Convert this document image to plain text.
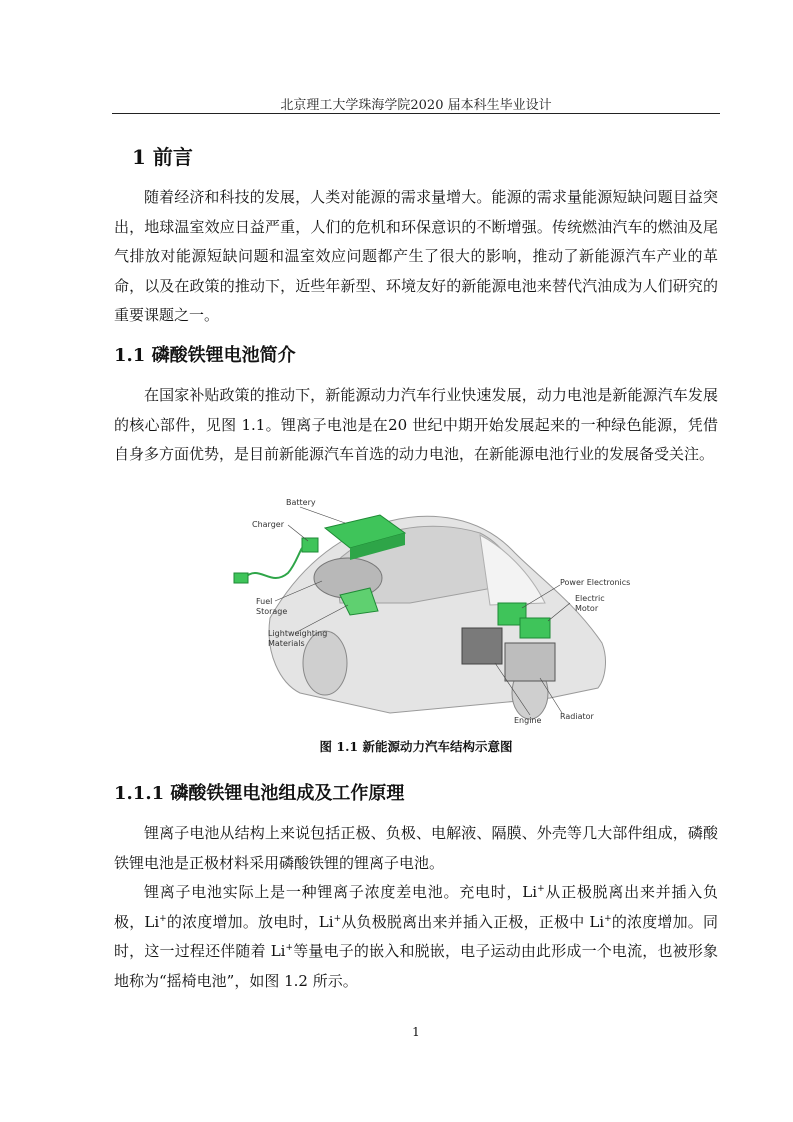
北京理工大学珠海学院2020 届本科生毕业设计
1 前言

随着经济和科技的发展，人类对能源的需求量增大。能源的需求量能源短缺问题目益突出，地球温室效应日益严重，人们的危机和环保意识的不断增强。传统燃油汽车的燃油及尾气排放对能源短缺问题和温室效应问题都产生了很大的影响，推动了新能源汽车产业的革命，以及在政策的推动下，近些年新型、环境友好的新能源电池来替代汽油成为人们研究的重要课题之一。

1.1 磷酸铁锂电池简介

在国家补贴政策的推动下，新能源动力汽车行业快速发展，动力电池是新能源汽车发展的核心部件，见图 1.1。锂离子电池是在20 世纪中期开始发展起来的一种绿色能源，凭借自身多方面优势，是目前新能源汽车首选的动力电池，在新能源电池行业的发展备受关注。

Battery
Charger
Fuel
Storage
Lightweighting
Materials
Power Electronics
Electric
Motor
Engine Radiator
图 1.1 新能源动力汽车结构示意图
1.1.1 磷酸铁锂电池组成及工作原理

锂离子电池从结构上来说包括正极、负极、电解液、隔膜、外壳等几大部件组成，磷酸铁锂电池是正极材料采用磷酸铁锂的锂离子电池。

锂离子电池实际上是一种锂离子浓度差电池。充电时，Li+从正极脱离出来并插入负极，Li+的浓度增加。放电时，Li+从负极脱离出来并插入正极，正极中 Li+的浓度增加。同时，这一过程还伴随着 Li+等量电子的嵌入和脱嵌，电子运动由此形成一个电流，也被形象地称为“摇椅电池”，如图 1.2 所示。

1
